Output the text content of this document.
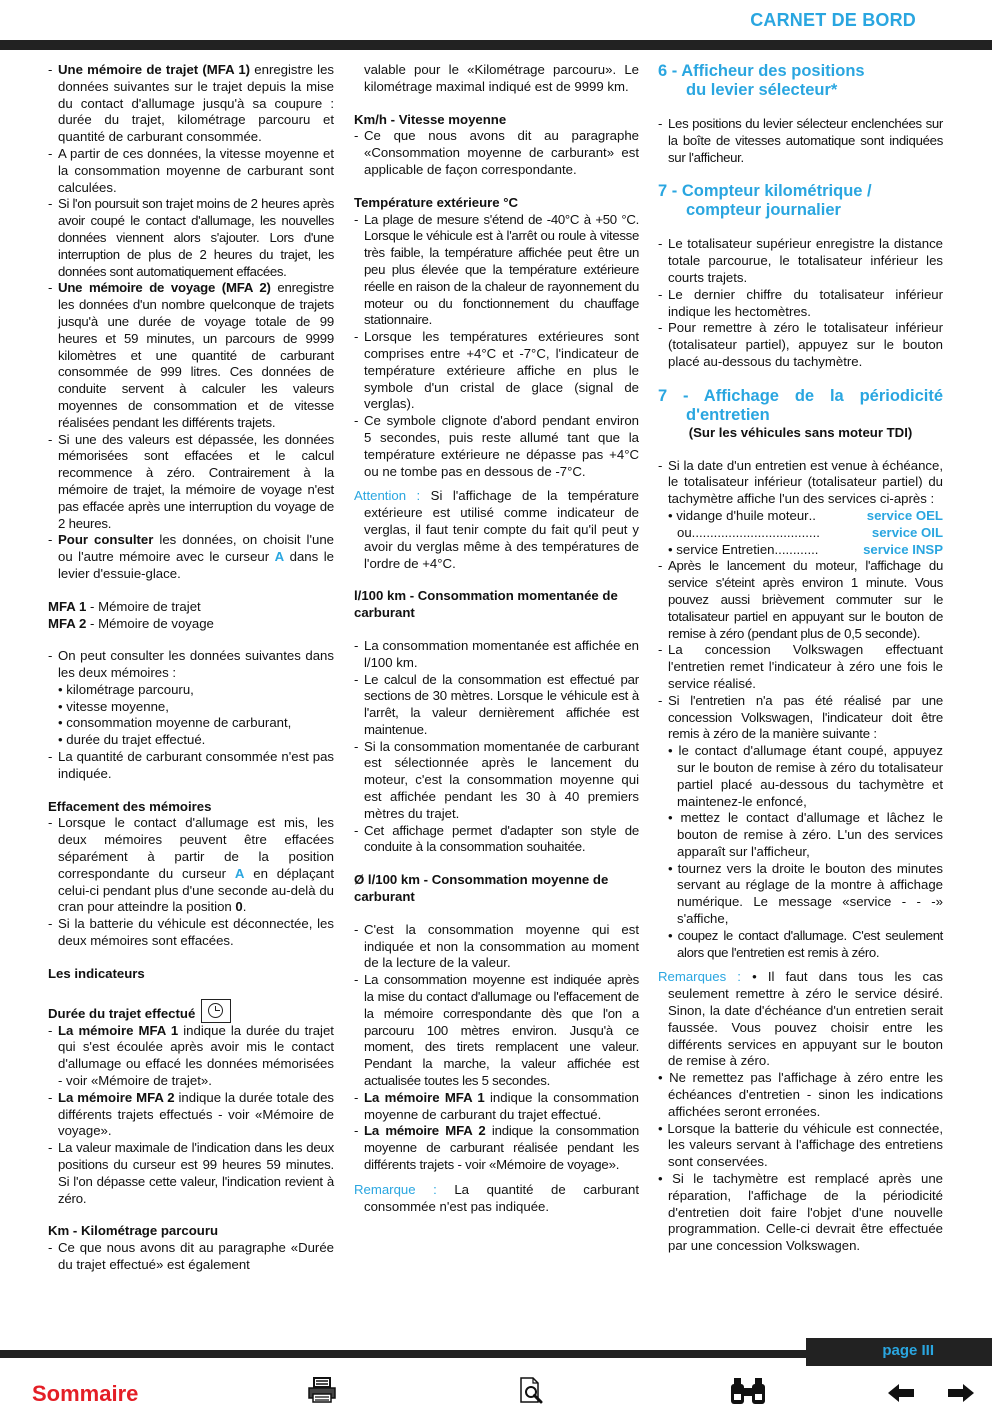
CARNET DE BORD

- Une mémoire de trajet (MFA 1) enregistre les données suivantes sur le trajet depuis la mise du contact d'allumage jusqu'à sa coupure : durée du trajet, kilométrage parcouru et quantité de carburant consommée.

- A partir de ces données, la vitesse moyenne et la consommation moyenne de carburant sont calculées.

- Si l'on poursuit son trajet moins de 2 heures après avoir coupé le contact d'allumage, les nouvelles données viennent alors s'ajouter. Lors d'une interruption de plus de 2 heures du trajet, les données sont automatiquement effacées.

- Une mémoire de voyage (MFA 2) enregistre les données d'un nombre quelconque de trajets jusqu'à une durée de voyage totale de 99 heures et 59 minutes, un parcours de 9999 kilomètres et une quantité de carburant consommée de 999 litres. Ces données de conduite servent à calculer les valeurs moyennes de consommation et de vitesse réalisées pendant les différents trajets.

- Si une des valeurs est dépassée, les données mémorisées sont effacées et le calcul recommence à zéro. Contrairement à la mémoire de trajet, la mémoire de voyage n'est pas effacée après une interruption du voyage de 2 heures.

- Pour consulter les données, on choisit l'une ou l'autre mémoire avec le curseur A dans le levier d'essuie-glace.

MFA 1 - Mémoire de trajet

MFA 2 - Mémoire de voyage

- On peut consulter les données suivantes dans les deux mémoires :

• kilométrage parcouru,

• vitesse moyenne,

• consommation moyenne de carburant,

• durée du trajet effectué.

- La quantité de carburant consommée n'est pas indiquée.

Effacement des mémoires

- Lorsque le contact d'allumage est mis, les deux mémoires peuvent être effacées séparément à partir de la position correspondante du curseur A en déplaçant celui-ci pendant plus d'une seconde au-delà du cran pour atteindre la position 0.

- Si la batterie du véhicule est déconnectée, les deux mémoires sont effacées.

Les indicateurs

Durée du trajet effectué

- La mémoire MFA 1 indique la durée du trajet qui s'est écoulée après avoir mis le contact d'allumage ou effacé les données mémorisées - voir «Mémoire de trajet».

- La mémoire MFA 2 indique la durée totale des différents trajets effectués - voir «Mémoire de voyage».

- La valeur maximale de l'indication dans les deux positions du curseur est 99 heures 59 minutes. Si l'on dépasse cette valeur, l'indication revient à zéro.

Km - Kilométrage parcouru

- Ce que nous avons dit au paragraphe «Durée du trajet effectué» est également

valable pour le «Kilométrage parcouru». Le kilométrage maximal indiqué est de 9999 km.

Km/h - Vitesse moyenne

- Ce que nous avons dit au paragraphe «Consommation moyenne de carburant» est applicable de façon correspondante.

Température extérieure °C

- La plage de mesure s'étend de -40°C à +50 °C. Lorsque le véhicule est à l'arrêt ou roule à vitesse très faible, la température affichée peut être un peu plus élevée que la température extérieure réelle en raison de la chaleur de rayonnement du moteur ou du fonctionnement du chauffage stationnaire.

- Lorsque les températures extérieures sont comprises entre +4°C et -7°C, l'indicateur de température extérieure affiche en plus le symbole d'un cristal de glace (signal de verglas).

- Ce symbole clignote d'abord pendant environ 5 secondes, puis reste allumé tant que la température extérieure ne dépasse pas +4°C ou ne tombe pas en dessous de -7°C.

Attention : Si l'affichage de la température extérieure est utilisé comme indicateur de verglas, il faut tenir compte du fait qu'il peut y avoir du verglas même à des températures de l'ordre de +4°C.

l/100 km - Consommation momentanée de carburant

- La consommation momentanée est affichée en l/100 km.

- Le calcul de la consommation est effectué par sections de 30 mètres. Lorsque le véhicule est à l'arrêt, la valeur dernièrement affichée est maintenue.

- Si la consommation momentanée de carburant est sélectionnée après le lancement du moteur, c'est la consommation moyenne qui est affichée pendant les 30 à 40 premiers mètres du trajet.

- Cet affichage permet d'adapter son style de conduite à la consommation souhaitée.

Ø l/100 km - Consommation moyenne de carburant

- C'est la consommation moyenne qui est indiquée et non la consommation au moment de la lecture de la valeur.

- La consommation moyenne est indiquée après la mise du contact d'allumage ou l'effacement de la mémoire correspondante dès que l'on a parcouru 100 mètres environ. Jusqu'à ce moment, des tirets remplacent une valeur. Pendant la marche, la valeur affichée est actualisée toutes les 5 secondes.

- La mémoire MFA 1 indique la consommation moyenne de carburant du trajet effectué.

- La mémoire MFA 2 indique la consommation moyenne de carburant réalisée pendant les différents trajets - voir «Mémoire de voyage».

Remarque : La quantité de carburant consommée n'est pas indiquée.

6 - Afficheur des positions
du levier sélecteur*

- Les positions du levier sélecteur enclenchées sur la boîte de vitesses automatique sont indiquées sur l'afficheur.

7 - Compteur kilométrique /
compteur journalier

- Le totalisateur supérieur enregistre la distance totale parcourue, le totalisateur inférieur les courts trajets.

- Le dernier chiffre du totalisateur inférieur indique les hectomètres.

- Pour remettre à zéro le totalisateur inférieur (totalisateur partiel), appuyez sur le bouton placé au-dessous du tachymètre.

7 - Affichage de la périodicité

d'entretien

(Sur les véhicules sans moteur TDI)

- Si la date d'un entretien est venue à échéance, le totalisateur inférieur (totalisateur partiel) du tachymètre affiche l'un des services ci-après :

• vidange d'huile moteur ..	service OEL
ou ...................................	service OIL
• service Entretien ............	service INSP

- Après le lancement du moteur, l'affichage du service s'éteint après environ 1 minute. Vous pouvez aussi brièvement commuter sur le totalisateur partiel en appuyant sur le bouton de remise à zéro (pendant plus de 0,5 seconde).

- La concession Volkswagen effectuant l'entretien remet l'indicateur à zéro une fois le service réalisé.

- Si l'entretien n'a pas été réalisé par une concession Volkswagen, l'indicateur doit être remis à zéro de la manière suivante :

• le contact d'allumage étant coupé, appuyez sur le bouton de remise à zéro du totalisateur partiel placé au-dessous du tachymètre et maintenez-le enfoncé,

• mettez le contact d'allumage et lâchez le bouton de remise à zéro. L'un des services apparaît sur l'afficheur,

• tournez vers la droite le bouton des minutes servant au réglage de la montre à affichage numérique. Le message «service - - -» s'affiche,

• coupez le contact d'allumage. C'est seulement alors que l'entretien est remis à zéro.

Remarques : • Il faut dans tous les cas seulement remettre à zéro le service désiré. Sinon, la date d'échéance d'un entretien serait faussée. Vous pouvez choisir entre les différents services en appuyant sur le bouton de remise à zéro.

• Ne remettez pas l'affichage à zéro entre les échéances d'entretien - sinon les indications affichées seront erronées.

• Lorsque la batterie du véhicule est connectée, les valeurs servant à l'affichage des entretiens sont conservées.

• Si le tachymètre est remplacé après une réparation, l'affichage de la périodicité d'entretien doit faire l'objet d'une nouvelle programmation. Celle-ci devrait être effectuée par une concession Volkswagen.

page III
Sommaire
